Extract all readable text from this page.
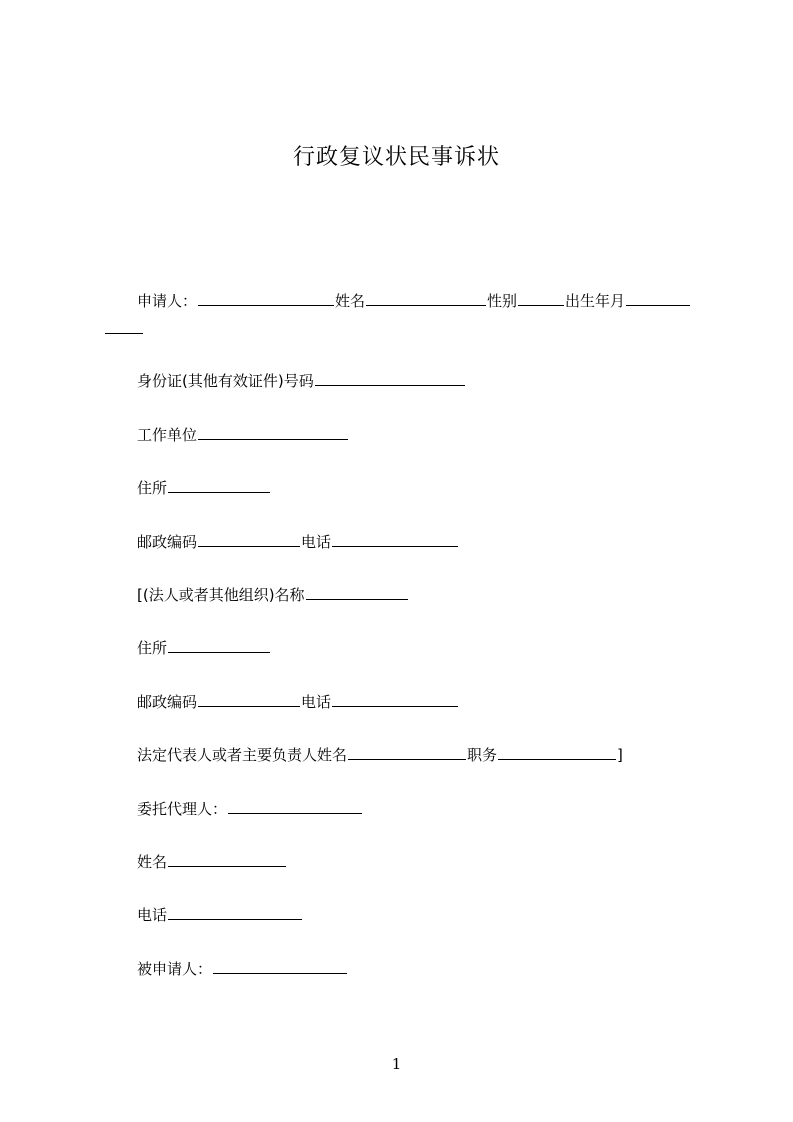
行政复议状民事诉状
申请人：	姓名	性别	出生年月
身份证(其他有效证件)号码
工作单位
住所
邮政编码	电话
[(法人或者其他组织)名称
住所
邮政编码	电话
法定代表人或者主要负责人姓名	职务	]
委托代理人：
姓名
电话
被申请人：
1
